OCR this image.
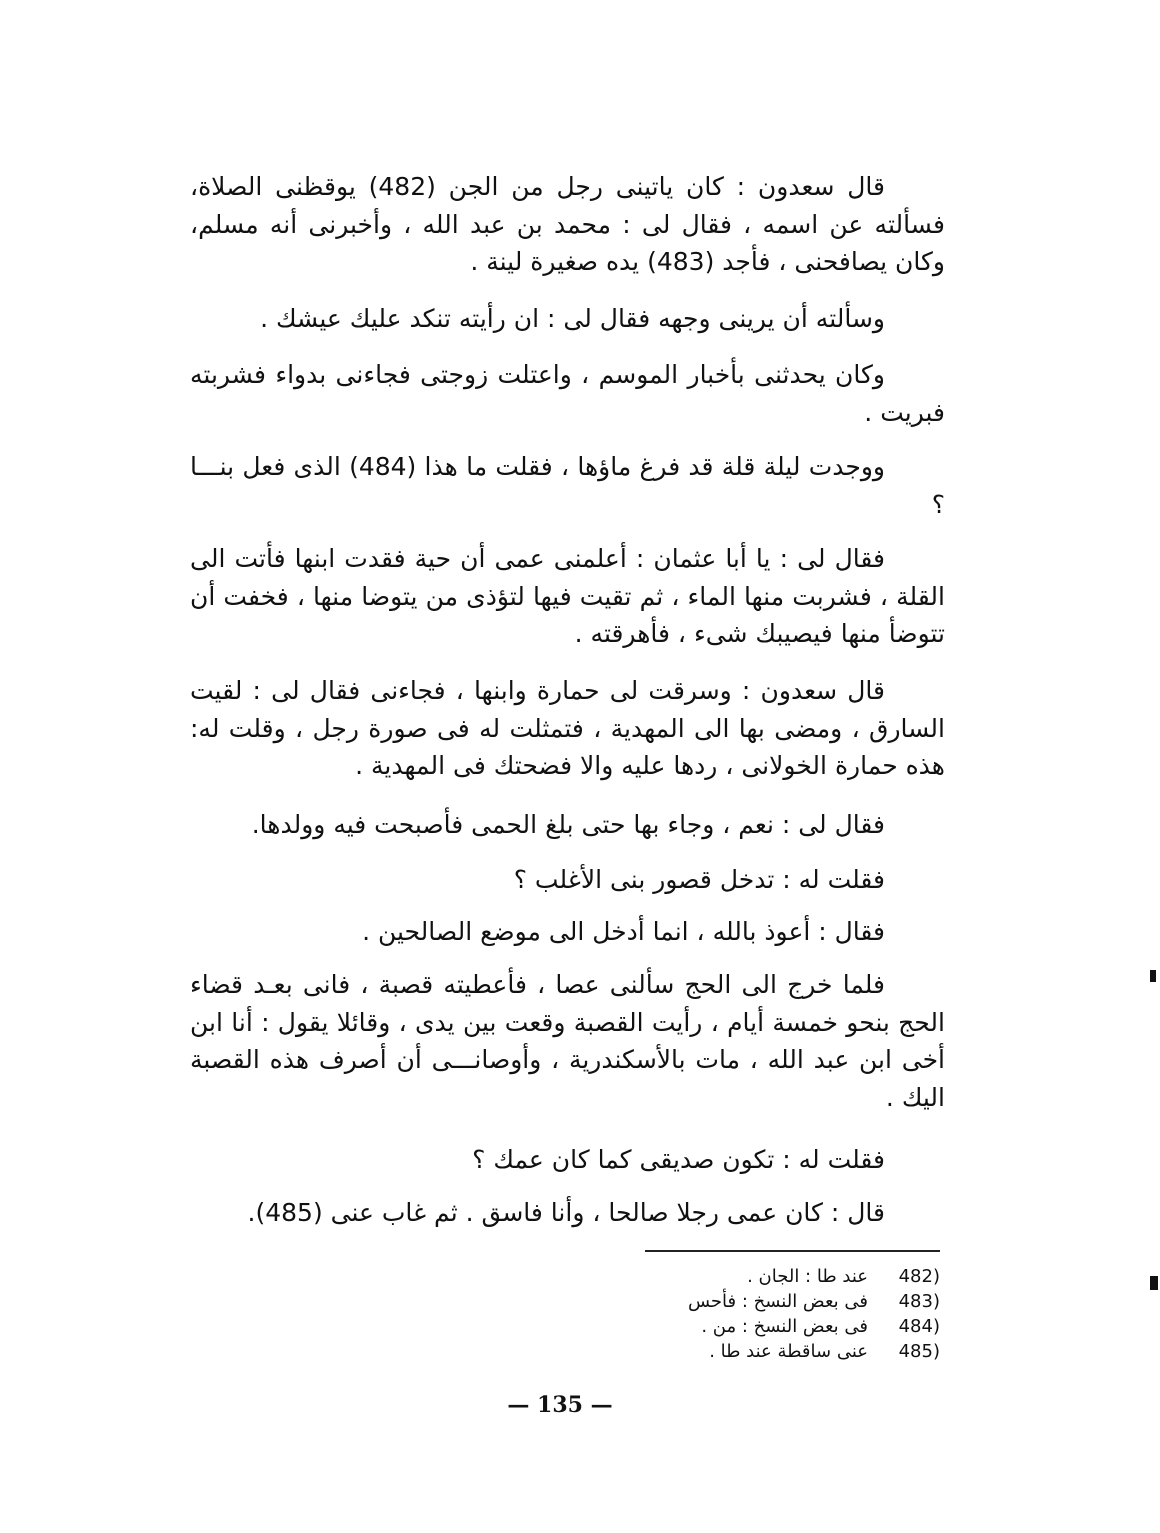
قال سعدون : كان ياتينى رجل من الجن (482) يوقظنى الصلاة، فسألته عن اسمه ، فقال لى : محمد بن عبد الله ، وأخبرنى أنه مسلم، وكان يصافحنى ، فأجد (483) يده صغيرة لينة .

وسألته أن يرينى وجهه فقال لى : ان رأيته تنكد عليك عيشك .

وكان يحدثنى بأخبار الموسم ، واعتلت زوجتى فجاءنى بدواء فشربته فبريت .

ووجدت ليلة قلة قد فرغ ماؤها ، فقلت ما هذا (484) الذى فعل بنـــا ؟

فقال لى : يا أبا عثمان : أعلمنى عمى أن حية فقدت ابنها فأتت الى القلة ، فشربت منها الماء ، ثم تقيت فيها لتؤذى من يتوضا منها ، فخفت أن تتوضأ منها فيصيبك شىء ، فأهرقته .

قال سعدون : وسرقت لى حمارة وابنها ، فجاءنى فقال لى : لقيت السارق ، ومضى بها الى المهدية ، فتمثلت له فى صورة رجل ، وقلت له: هذه حمارة الخولانى ، ردها عليه والا فضحتك فى المهدية .

فقال لى : نعم ، وجاء بها حتى بلغ الحمى فأصبحت فيه وولدها.

فقلت له : تدخل قصور بنى الأغلب ؟

فقال : أعوذ بالله ، انما أدخل الى موضع الصالحين .

فلما خرج الى الحج سألنى عصا ، فأعطيته قصبة ، فانى بعـد قضاء الحج بنحو خمسة أيام ، رأيت القصبة وقعت بين يدى ، وقائلا يقول : أنا ابن أخى ابن عبد الله ، مات بالأسكندرية ، وأوصانـــى أن أصرف هذه القصبة اليك .

فقلت له : تكون صديقى كما كان عمك ؟

قال : كان عمى رجلا صالحا ، وأنا فاسق . ثم غاب عنى (485).

482)
عند طا : الجان .
483)
فى بعض النسخ : فأحس
484)
فى بعض النسخ : من .
485)
عنى ساقطة عند طا .
— 135 —
